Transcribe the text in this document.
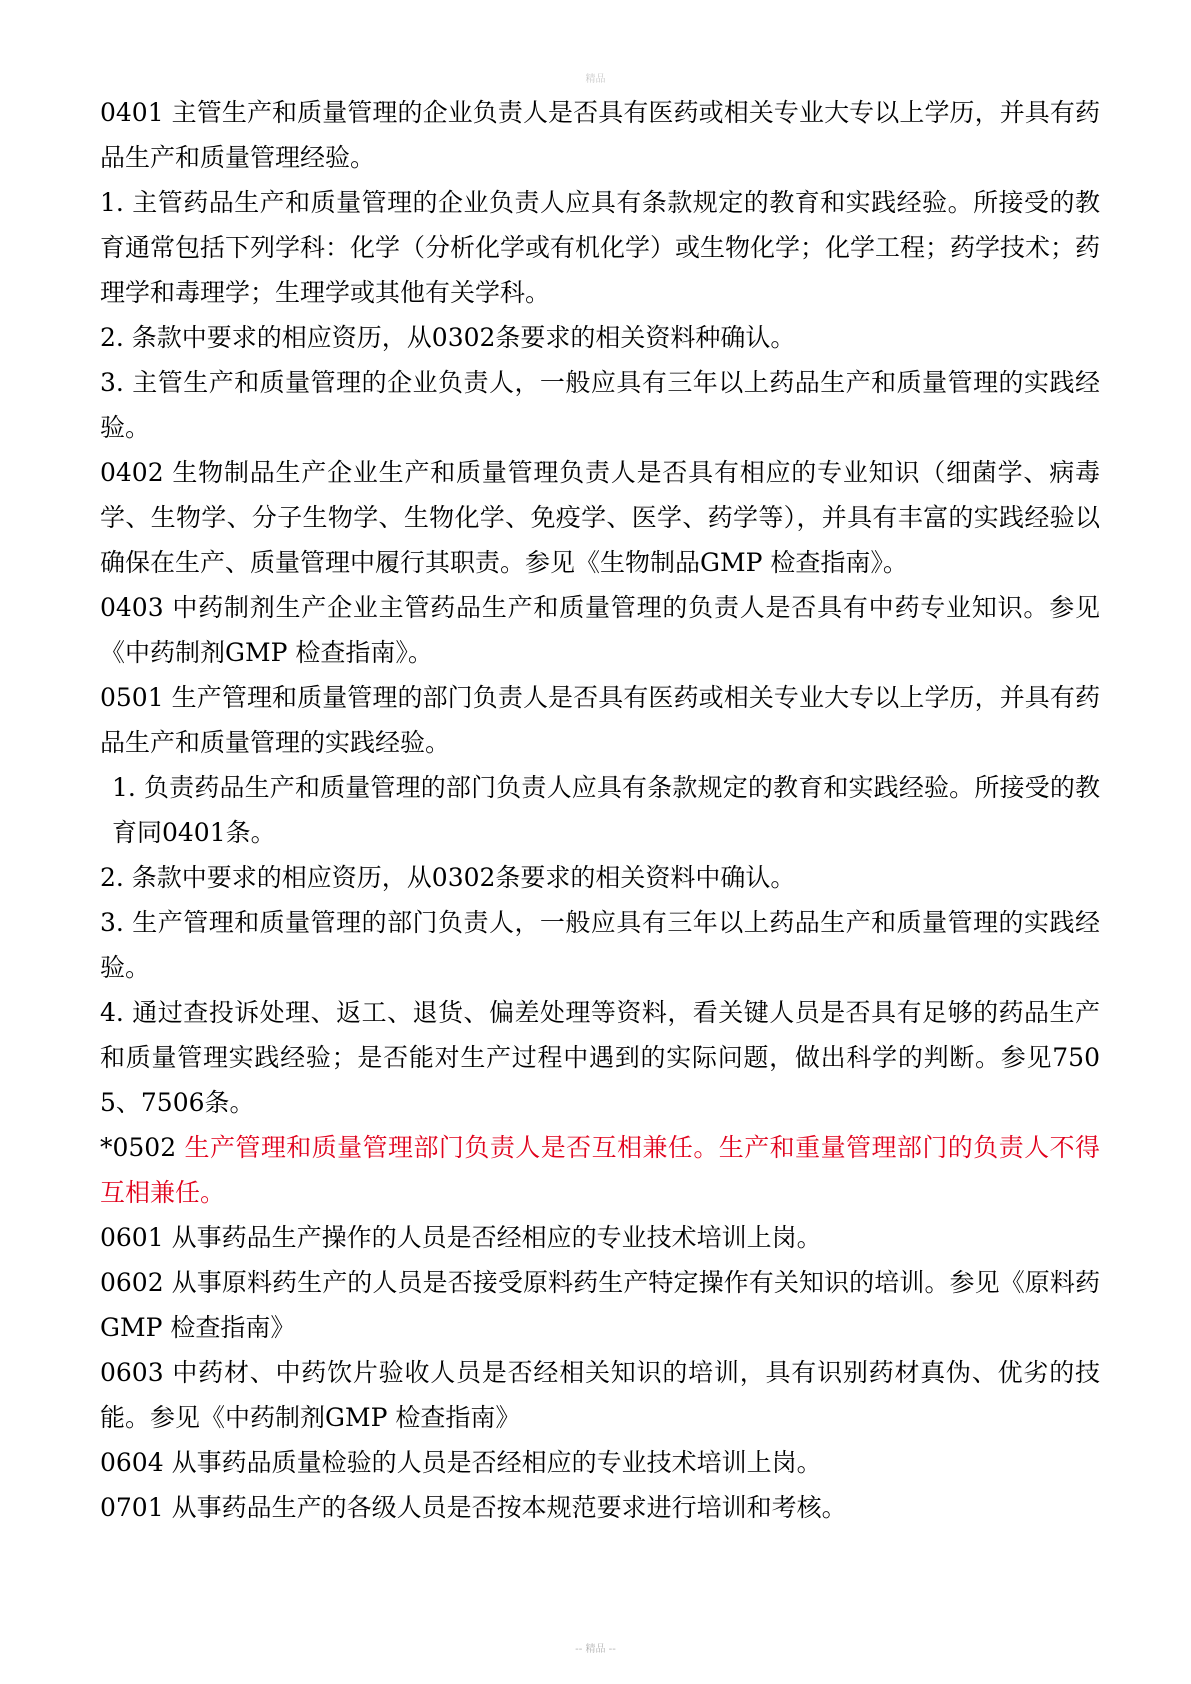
精品

0401 主管生产和质量管理的企业负责人是否具有医药或相关专业大专以上学历，并具有药品生产和质量管理经验。

1. 主管药品生产和质量管理的企业负责人应具有条款规定的教育和实践经验。所接受的教育通常包括下列学科：化学（分析化学或有机化学）或生物化学；化学工程；药学技术；药理学和毒理学；生理学或其他有关学科。

2. 条款中要求的相应资历，从0302条要求的相关资料种确认。

3. 主管生产和质量管理的企业负责人，一般应具有三年以上药品生产和质量管理的实践经验。

0402 生物制品生产企业生产和质量管理负责人是否具有相应的专业知识（细菌学、病毒学、生物学、分子生物学、生物化学、免疫学、医学、药学等），并具有丰富的实践经验以确保在生产、质量管理中履行其职责。参见《生物制品GMP 检查指南》。

0403 中药制剂生产企业主管药品生产和质量管理的负责人是否具有中药专业知识。参见《中药制剂GMP 检查指南》。

0501 生产管理和质量管理的部门负责人是否具有医药或相关专业大专以上学历，并具有药品生产和质量管理的实践经验。

1. 负责药品生产和质量管理的部门负责人应具有条款规定的教育和实践经验。所接受的教育同0401条。

2. 条款中要求的相应资历，从0302条要求的相关资料中确认。

3. 生产管理和质量管理的部门负责人，一般应具有三年以上药品生产和质量管理的实践经验。

4. 通过查投诉处理、返工、退货、偏差处理等资料，看关键人员是否具有足够的药品生产和质量管理实践经验；是否能对生产过程中遇到的实际问题，做出科学的判断。参见7505、7506条。

*0502 生产管理和质量管理部门负责人是否互相兼任。生产和重量管理部门的负责人不得互相兼任。

0601 从事药品生产操作的人员是否经相应的专业技术培训上岗。

0602 从事原料药生产的人员是否接受原料药生产特定操作有关知识的培训。参见《原料药GMP 检查指南》

0603 中药材、中药饮片验收人员是否经相关知识的培训，具有识别药材真伪、优劣的技能。参见《中药制剂GMP 检查指南》

0604 从事药品质量检验的人员是否经相应的专业技术培训上岗。

0701 从事药品生产的各级人员是否按本规范要求进行培训和考核。

-- 精品 --
